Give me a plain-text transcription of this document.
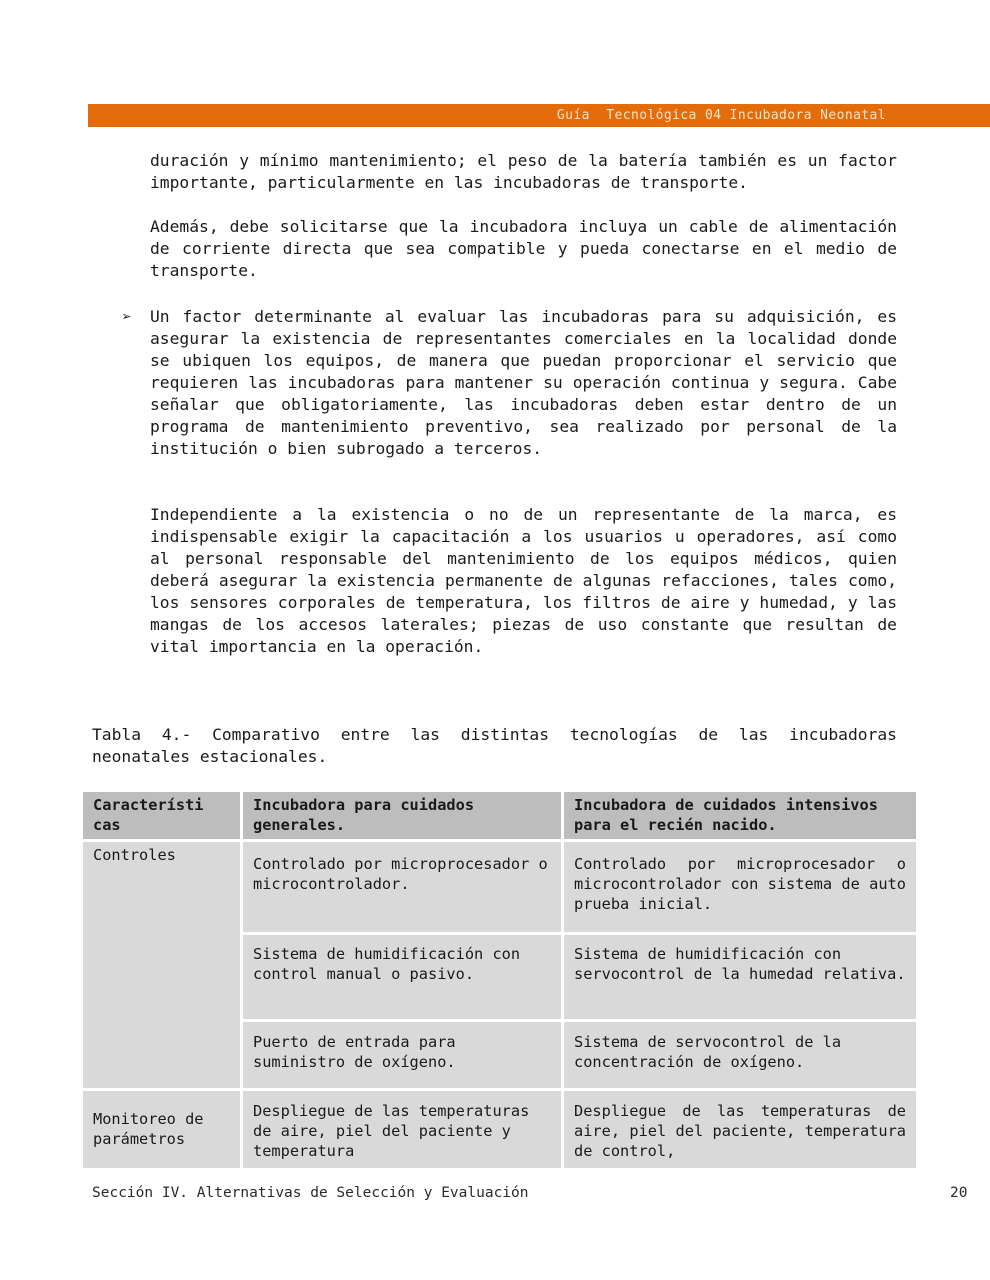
Guía  Tecnológica 04 Incubadora Neonatal

duración y mínimo mantenimiento; el peso de la batería también es un factor importante, particularmente en las incubadoras de transporte.

Además, debe solicitarse que la incubadora incluya un cable de alimentación de corriente directa que sea compatible y pueda conectarse en el medio de transporte.

➢ Un factor determinante al evaluar las incubadoras para su adquisición, es asegurar la existencia de representantes comerciales en la localidad donde se ubiquen los equipos, de manera que puedan proporcionar el servicio que requieren las incubadoras para mantener su operación continua y segura. Cabe señalar que obligatoriamente, las incubadoras deben estar dentro de un programa de mantenimiento preventivo, sea realizado por personal de la institución o bien subrogado a terceros.

Independiente a la existencia o no de un representante de la marca, es indispensable exigir la capacitación a los usuarios u operadores, así como al personal responsable del mantenimiento de los equipos médicos, quien deberá asegurar la existencia permanente de algunas refacciones, tales como, los sensores corporales de temperatura, los filtros de aire y humedad, y las mangas de los accesos laterales; piezas de uso constante que resultan de vital importancia en la operación.

Tabla 4.- Comparativo entre las distintas tecnologías de las incubadoras neonatales estacionales.

Característi cas	Incubadora para cuidados generales.	Incubadora de cuidados intensivos para el recién nacido.
Controles	Controlado por microprocesador o microcontrolador.	Controlado por microprocesador o microcontrolador con sistema de auto prueba inicial.
	Sistema de humidificación con control manual o pasivo.	Sistema de humidificación con servocontrol de la humedad relativa.
	Puerto de entrada para suministro de oxígeno.	Sistema de servocontrol de la concentración de oxígeno.
Monitoreo de parámetros	Despliegue de las temperaturas de aire, piel del paciente y temperatura	Despliegue de las temperaturas de aire, piel del paciente, temperatura de control,
Sección IV. Alternativas de Selección y Evaluación	20
